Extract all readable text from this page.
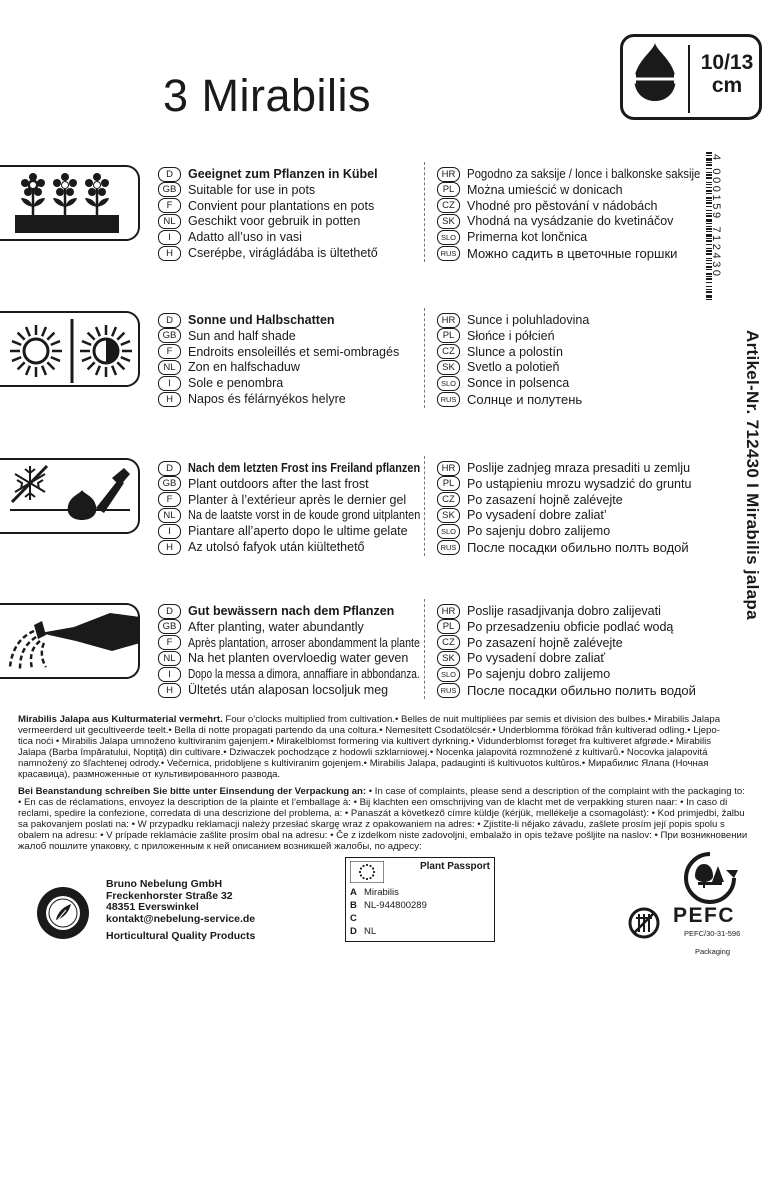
3 Mirabilis
10/13
cm
4 000159 712430
Artikel-Nr. 712430 I Mirabilis jalapa
D	Geeignet zum Pflanzen in Kübel
GB Suitable for use in pots
F	Convient pour plantations en pots
NL Geschikt voor gebruik in potten
I	Adatto all’uso in vasi
H	Cserépbe, virágládába is ültethető
HR Pogodno za saksije / lonce i balkonske saksije
PL	Można umieścić w donicach
CZ Vhodné pro pěstování v nádobách
SK Vhodná na vysádzanie do kvetináčov
SLO Primerna kot lončnica
RUS Можно садить в цветочные горшки
D	Sonne und Halbschatten
GB Sun and half shade
F	Endroits ensoleillés et semi-ombragés
NL Zon en halfschaduw
I	Sole e penombra
H	Napos és félárnyékos helyre
HR Sunce i poluhladovina
PL	Słońce i półcień
CZ Slunce a polostín
SK Svetlo a polotieň
SLO Sonce in polsenca
RUS Солнце и полутень
D	Nach dem letzten Frost ins Freiland pflanzen
GB Plant outdoors after the last frost
F	Planter à l’extérieur après le dernier gel
NL Na de laatste vorst in de koude grond uitplanten
I	Piantare all’aperto dopo le ultime gelate
H	Az utolsó fafyok után kiültethető
HR Poslije zadnjeg mraza presaditi u zemlju
PL	Po ustąpieniu mrozu wysadzić do gruntu
CZ Po zasazení hojně zalévejte
SK Po vysadení dobre zaliat’
SLO Po sajenju dobro zalijemo
RUS После посадки обильно полть водой
D	Gut bewässern nach dem Pflanzen
GB After planting, water abundantly
F	Après plantation, arroser abondamment la plante
NL Na het planten overvloedig water geven
I	Dopo la messa a dimora, annaffiare in abbondanza.
H	Ültetés után alaposan locsoljuk meg
HR Poslije rasadjivanja dobro zalijevati
PL	Po przesadzeniu obficie podlać wodą
CZ Po zasazení hojně zalévejte
SK Po vysadení dobre zaliať
SLO Po sajenju dobro zalijemo
RUS После посадки обильно полить водой
Mirabilis Jalapa aus Kulturmaterial vermehrt. Four o’clocks multiplied from cultivation.• Belles de nuit multipliées par semis et division des bulbes.• Mirabilis Jalapa
vermeerderd uit gecultiveerde teelt.• Bella di notte propagati partendo da una coltura.• Nemesített Csodatölcsér.• Underblomma förökad från kultiverad odling.• Ljepo-
tica noći • Mirabilis Jalapa umnoženo kultiviranim gajenjem.• Mirakelblomst formering via kultivert dyrkning.• Vidunderblomst forøget fra kultiveret afgrøde.• Mirabilis
Jalapa (Barba împăratului, Noptiţă) din cultivare.• Dziwaczek pochodzące z hodowli szklarniowej.• Nocenka jalapovitá rozmnožené z kultivarů.• Nocovka jalapovitá
namnožený zo šľachtenej odrody.• Večernica, pridobljene s kultiviranim gojenjem.• Mirabilis Jalapa, padauginti iš kultivuotos kultūros.• Мирабилис Ялапа (Ночная
красавица), размноженные от культивированного развода.
Bei Beanstandung schreiben Sie bitte unter Einsendung der Verpackung an: • In case of complaints, please send a description of the complaint with the packaging to:
• En cas de réclamations, envoyez la description de la plainte et l’emballage à: • Bij klachten een omschrijving van de klacht met de verpakking sturen naar: • In caso di
reclami, spedire la confezione, corredata di una descrizione del problema, a: • Panaszát a következő címre küldje (kérjük, mellékelje a csomagolást): • Kod primjedbi, žalbu
sa pakovanjem poslati na: • W przypadku reklamacji należy przesłać skargę wraz z opakowaniem na adres: • Zjistíte-li nějako závadu, zašlete prosím její popis spolu s
obalem na adresu: • V prípade reklamácie zašlite prosím obal na adresu: • Če z izdelkom niste zadovoljni, embalažo in opis težave pošljite na naslov: • При возникновении
жалоб пошлите упаковку, с приложенным к ней описанием возникшей жалобы, по адресу:
Bruno Nebelung GmbH
Freckenhorster Straße 32
48351 Everswinkel
kontakt@nebelung-service.de
Horticultural Quality Products
Plant Passport
A Mirabilis
B NL-944800289
C
D NL
PEFC
PEFC/30-31-596
Packaging
